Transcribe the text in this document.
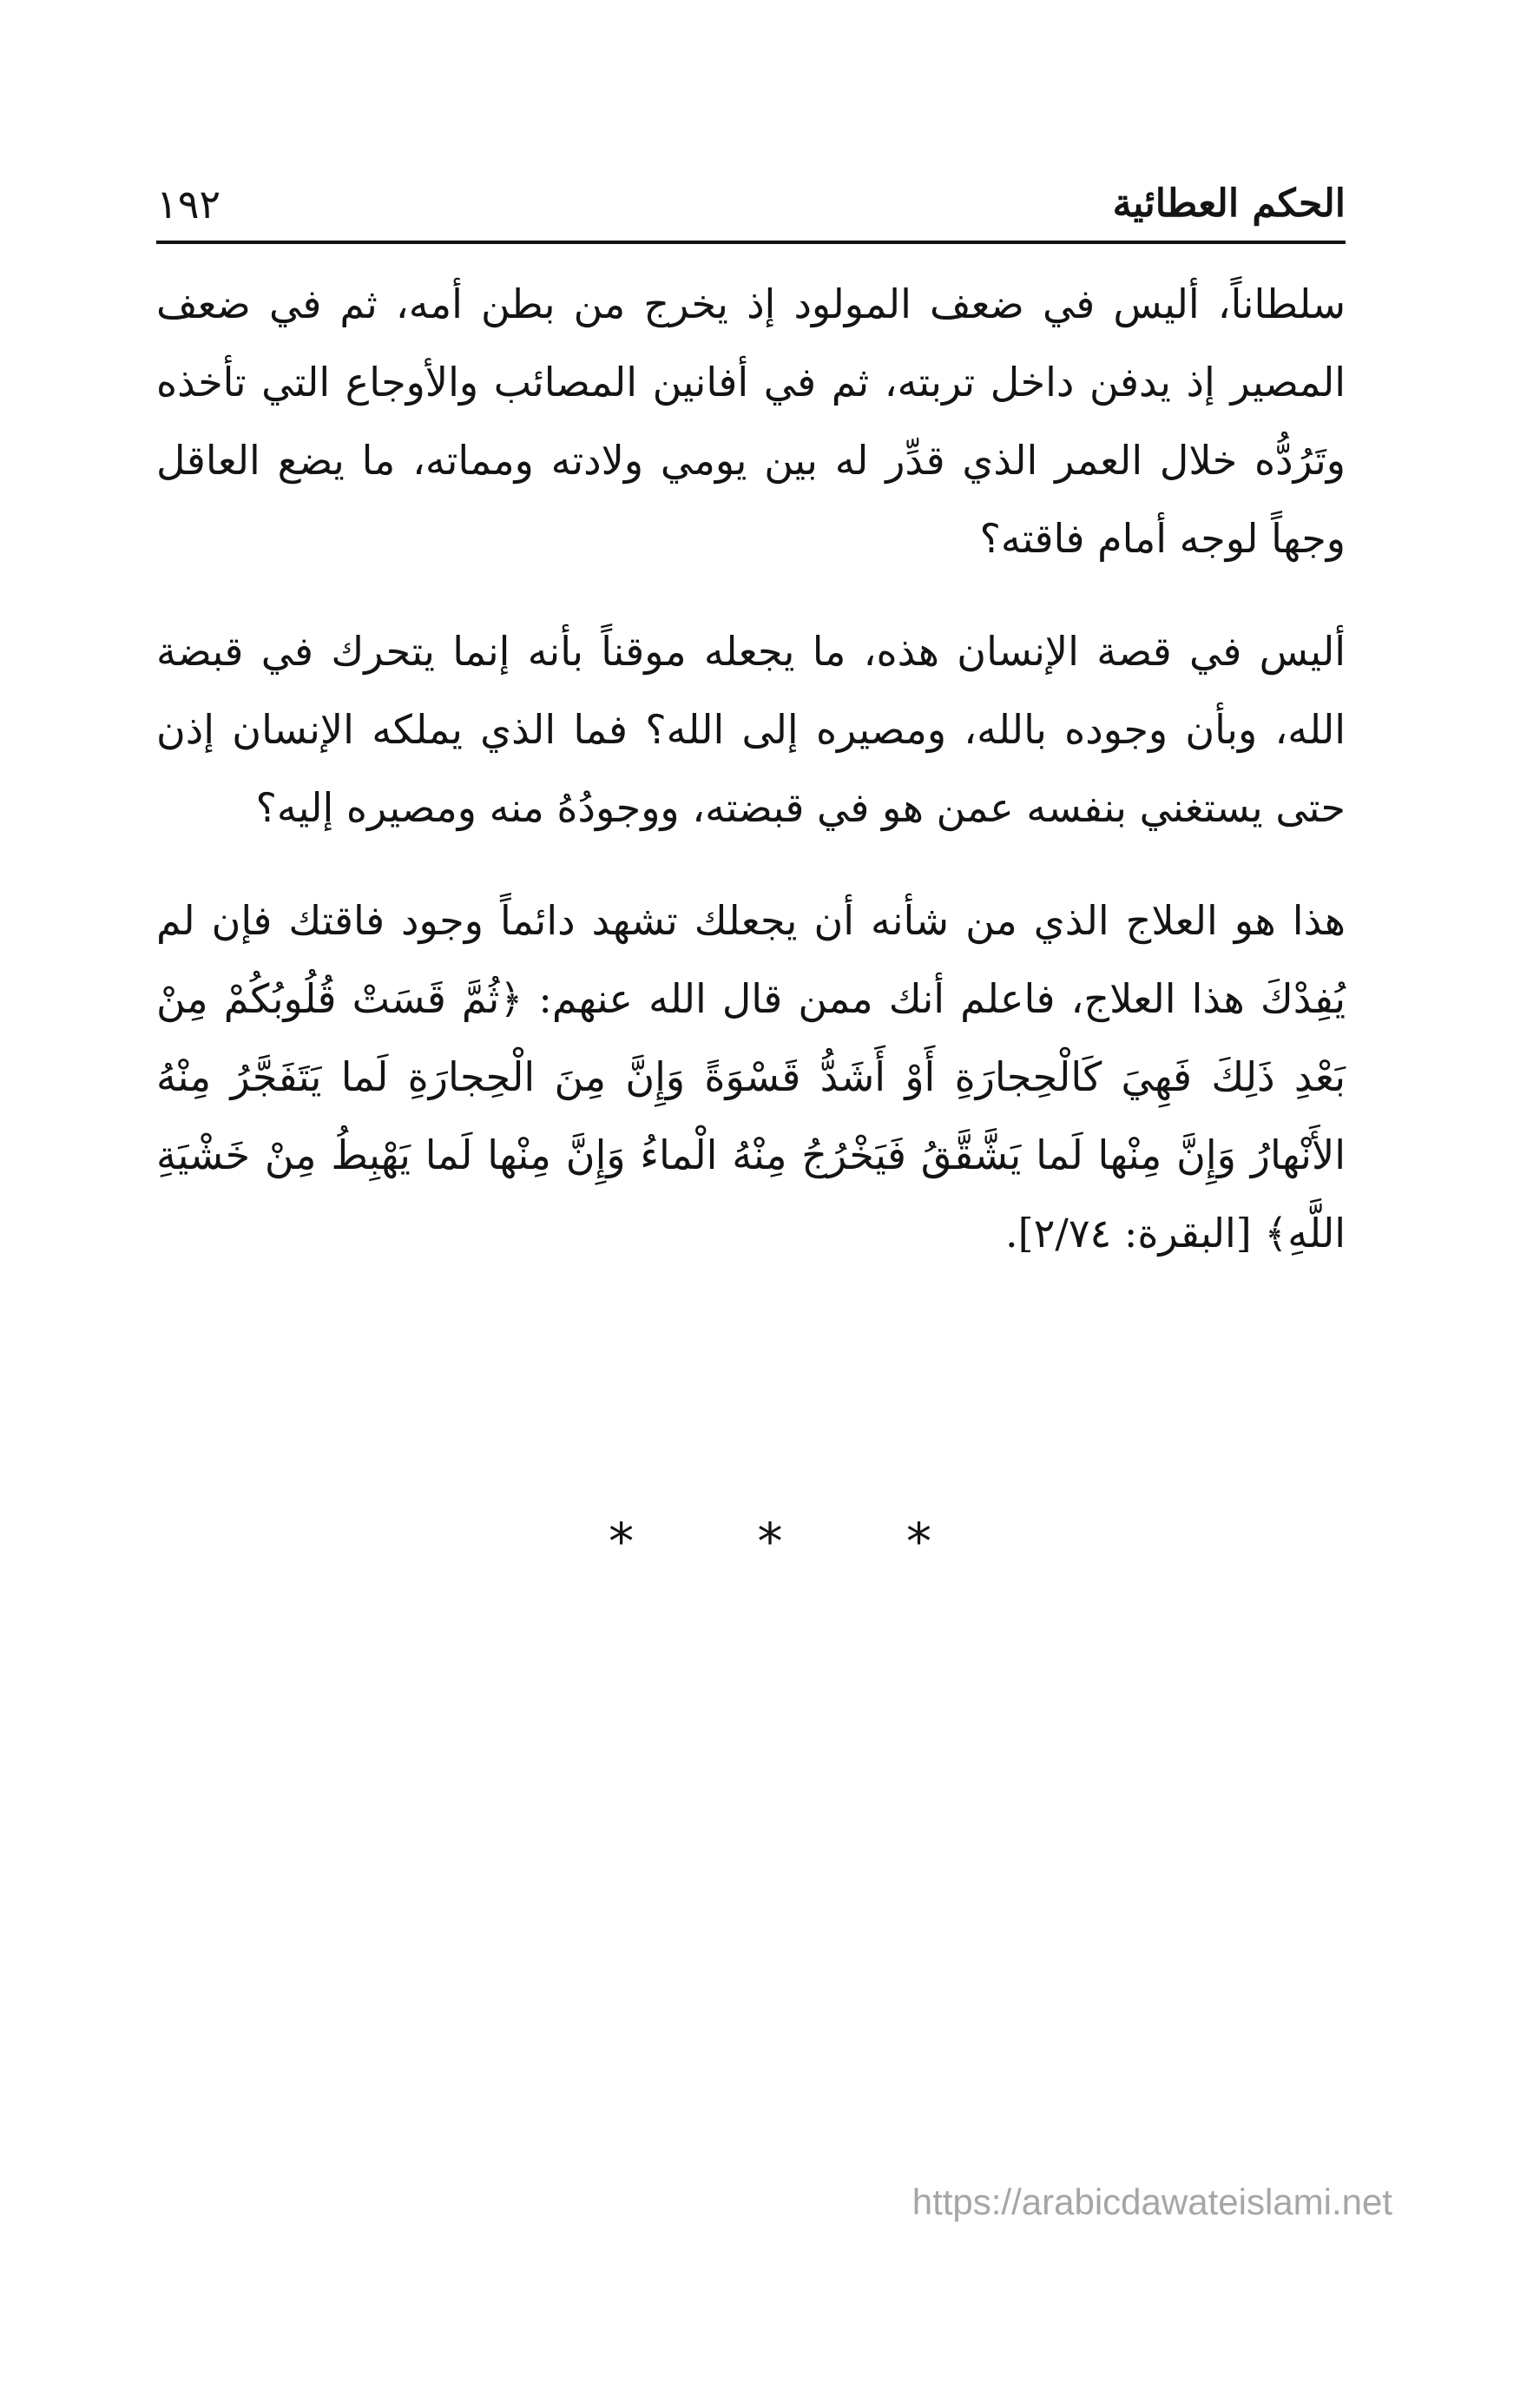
الحكم العطائية
١٩٢

سلطاناً، أليس في ضعف المولود إذ يخرج من بطن أمه، ثم في ضعف المصير إذ يدفن داخل تربته، ثم في أفانين المصائب والأوجاع التي تأخذه وتَرُدُّه خلال العمر الذي قدِّر له بين يومي ولادته ومماته، ما يضع العاقل وجهاً لوجه أمام فاقته؟

أليس في قصة الإنسان هذه، ما يجعله موقناً بأنه إنما يتحرك في قبضة الله، وبأن وجوده بالله، ومصيره إلى الله؟ فما الذي يملكه الإنسان إذن حتى يستغني بنفسه عمن هو في قبضته، ووجودُهُ منه ومصيره إليه؟

هذا هو العلاج الذي من شأنه أن يجعلك تشهد دائماً وجود فاقتك فإن لم يُفِدْكَ هذا العلاج، فاعلم أنك ممن قال الله عنهم: ﴿ثُمَّ قَسَتْ قُلُوبُكُمْ مِنْ بَعْدِ ذَلِكَ فَهِيَ كَالْحِجارَةِ أَوْ أَشَدُّ قَسْوَةً وَإِنَّ مِنَ الْحِجارَةِ لَما يَتَفَجَّرُ مِنْهُ الأَنْهارُ وَإِنَّ مِنْها لَما يَشَّقَّقُ فَيَخْرُجُ مِنْهُ الْماءُ وَإِنَّ مِنْها لَما يَهْبِطُ مِنْ خَشْيَةِ اللَّهِ﴾ [البقرة: ٢/٧٤].

* * *
https://arabicdawateislami.net
